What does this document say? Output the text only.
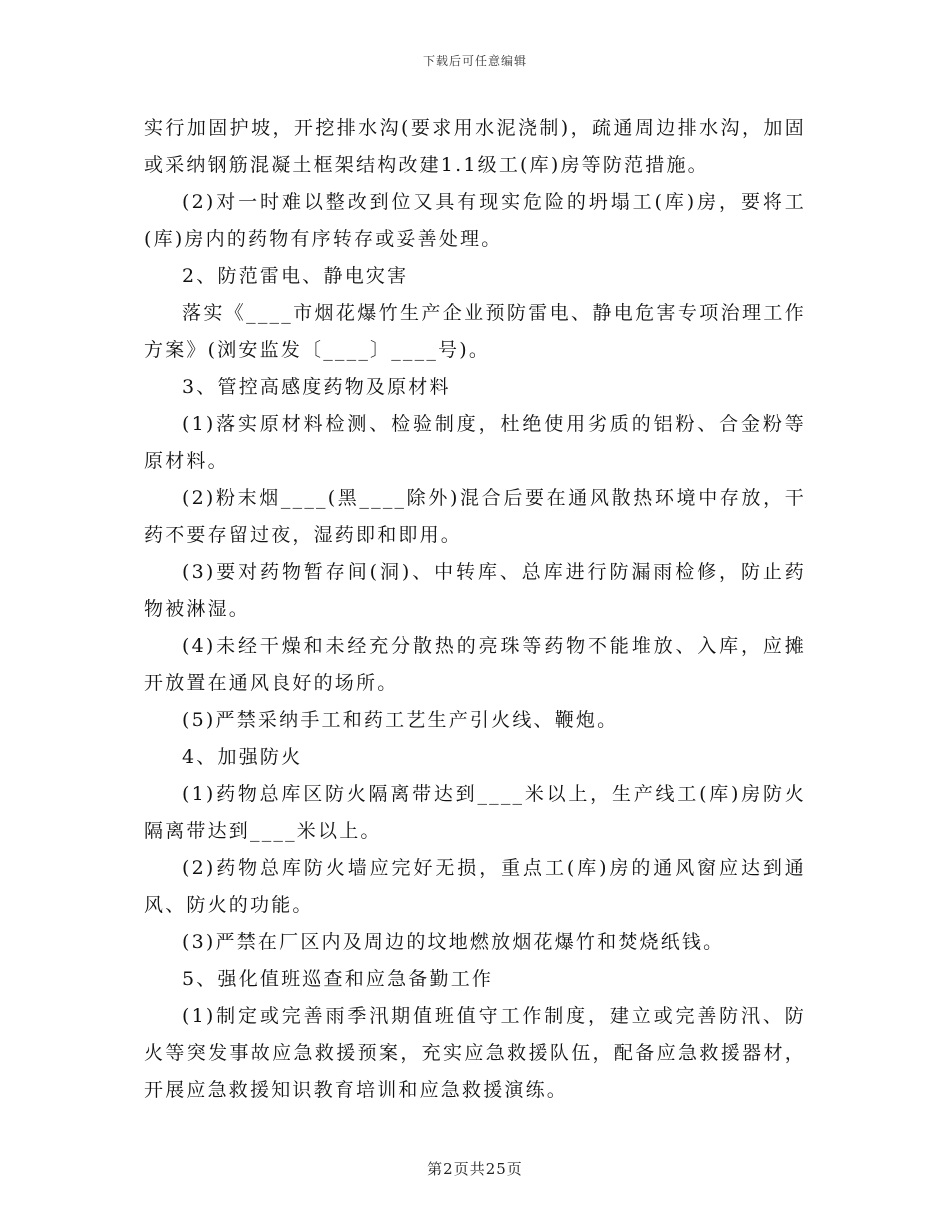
下载后可任意编辑

实行加固护坡，开挖排水沟(要求用水泥浇制)，疏通周边排水沟，加固或采纳钢筋混凝土框架结构改建1.1级工(库)房等防范措施。

(2)对一时难以整改到位又具有现实危险的坍塌工(库)房，要将工(库)房内的药物有序转存或妥善处理。

2、防范雷电、静电灾害

落实《____市烟花爆竹生产企业预防雷电、静电危害专项治理工作方案》(浏安监发〔____〕____号)。

3、管控高感度药物及原材料

(1)落实原材料检测、检验制度，杜绝使用劣质的铝粉、合金粉等原材料。

(2)粉末烟____(黑____除外)混合后要在通风散热环境中存放，干药不要存留过夜，湿药即和即用。

(3)要对药物暂存间(洞)、中转库、总库进行防漏雨检修，防止药物被淋湿。

(4)未经干燥和未经充分散热的亮珠等药物不能堆放、入库，应摊开放置在通风良好的场所。

(5)严禁采纳手工和药工艺生产引火线、鞭炮。

4、加强防火

(1)药物总库区防火隔离带达到____米以上，生产线工(库)房防火隔离带达到____米以上。

(2)药物总库防火墙应完好无损，重点工(库)房的通风窗应达到通风、防火的功能。

(3)严禁在厂区内及周边的坟地燃放烟花爆竹和焚烧纸钱。

5、强化值班巡查和应急备勤工作

(1)制定或完善雨季汛期值班值守工作制度，建立或完善防汛、防火等突发事故应急救援预案，充实应急救援队伍，配备应急救援器材，开展应急救援知识教育培训和应急救援演练。

第2页共25页
